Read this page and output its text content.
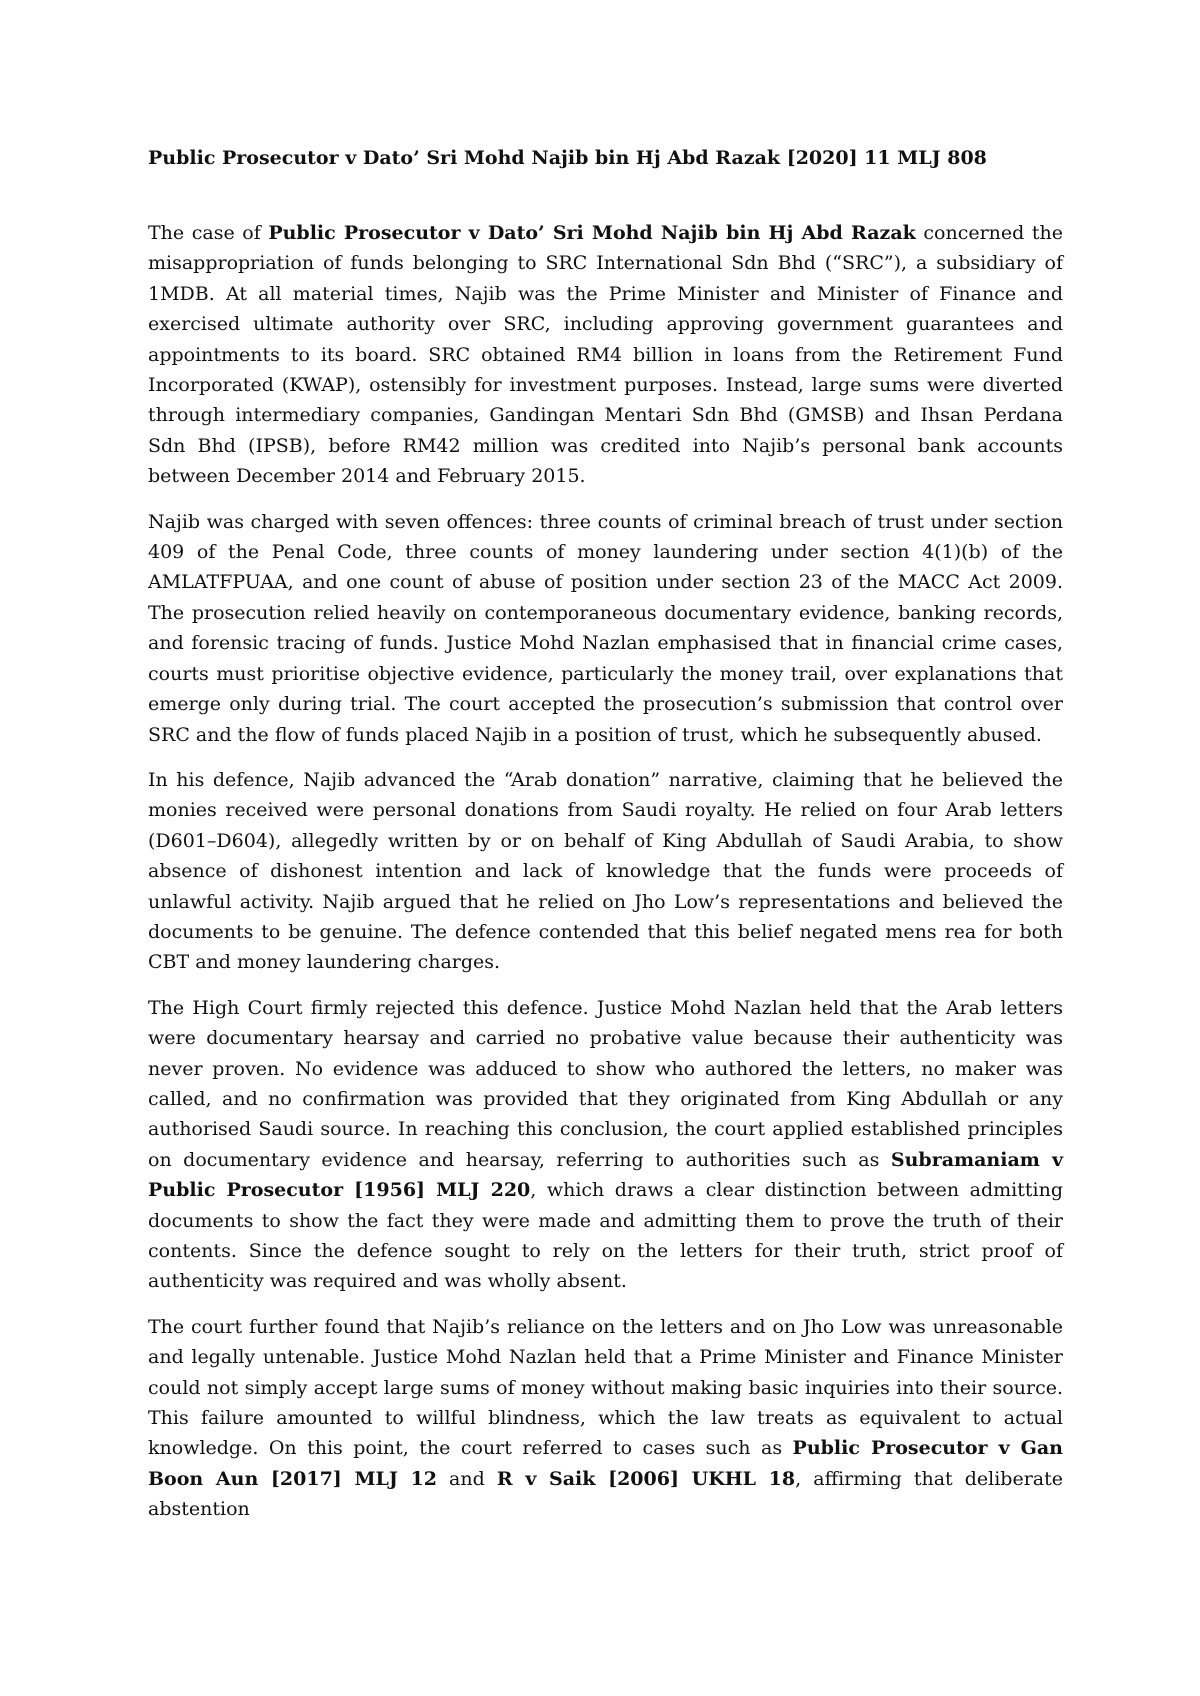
Public Prosecutor v Dato’ Sri Mohd Najib bin Hj Abd Razak [2020] 11 MLJ 808

The case of Public Prosecutor v Dato’ Sri Mohd Najib bin Hj Abd Razak concerned the misappropriation of funds belonging to SRC International Sdn Bhd (“SRC”), a subsidiary of 1MDB. At all material times, Najib was the Prime Minister and Minister of Finance and exercised ultimate authority over SRC, including approving government guarantees and appointments to its board. SRC obtained RM4 billion in loans from the Retirement Fund Incorporated (KWAP), ostensibly for investment purposes. Instead, large sums were diverted through intermediary companies, Gandingan Mentari Sdn Bhd (GMSB) and Ihsan Perdana Sdn Bhd (IPSB), before RM42 million was credited into Najib’s personal bank accounts between December 2014 and February 2015.

Najib was charged with seven offences: three counts of criminal breach of trust under section 409 of the Penal Code, three counts of money laundering under section 4(1)(b) of the AMLATFPUAA, and one count of abuse of position under section 23 of the MACC Act 2009. The prosecution relied heavily on contemporaneous documentary evidence, banking records, and forensic tracing of funds. Justice Mohd Nazlan emphasised that in financial crime cases, courts must prioritise objective evidence, particularly the money trail, over explanations that emerge only during trial. The court accepted the prosecution’s submission that control over SRC and the flow of funds placed Najib in a position of trust, which he subsequently abused.

In his defence, Najib advanced the “Arab donation” narrative, claiming that he believed the monies received were personal donations from Saudi royalty. He relied on four Arab letters (D601–D604), allegedly written by or on behalf of King Abdullah of Saudi Arabia, to show absence of dishonest intention and lack of knowledge that the funds were proceeds of unlawful activity. Najib argued that he relied on Jho Low’s representations and believed the documents to be genuine. The defence contended that this belief negated mens rea for both CBT and money laundering charges.

The High Court firmly rejected this defence. Justice Mohd Nazlan held that the Arab letters were documentary hearsay and carried no probative value because their authenticity was never proven. No evidence was adduced to show who authored the letters, no maker was called, and no confirmation was provided that they originated from King Abdullah or any authorised Saudi source. In reaching this conclusion, the court applied established principles on documentary evidence and hearsay, referring to authorities such as Subramaniam v Public Prosecutor [1956] MLJ 220, which draws a clear distinction between admitting documents to show the fact they were made and admitting them to prove the truth of their contents. Since the defence sought to rely on the letters for their truth, strict proof of authenticity was required and was wholly absent.

The court further found that Najib’s reliance on the letters and on Jho Low was unreasonable and legally untenable. Justice Mohd Nazlan held that a Prime Minister and Finance Minister could not simply accept large sums of money without making basic inquiries into their source. This failure amounted to willful blindness, which the law treats as equivalent to actual knowledge. On this point, the court referred to cases such as Public Prosecutor v Gan Boon Aun [2017] MLJ 12 and R v Saik [2006] UKHL 18, affirming that deliberate abstention
